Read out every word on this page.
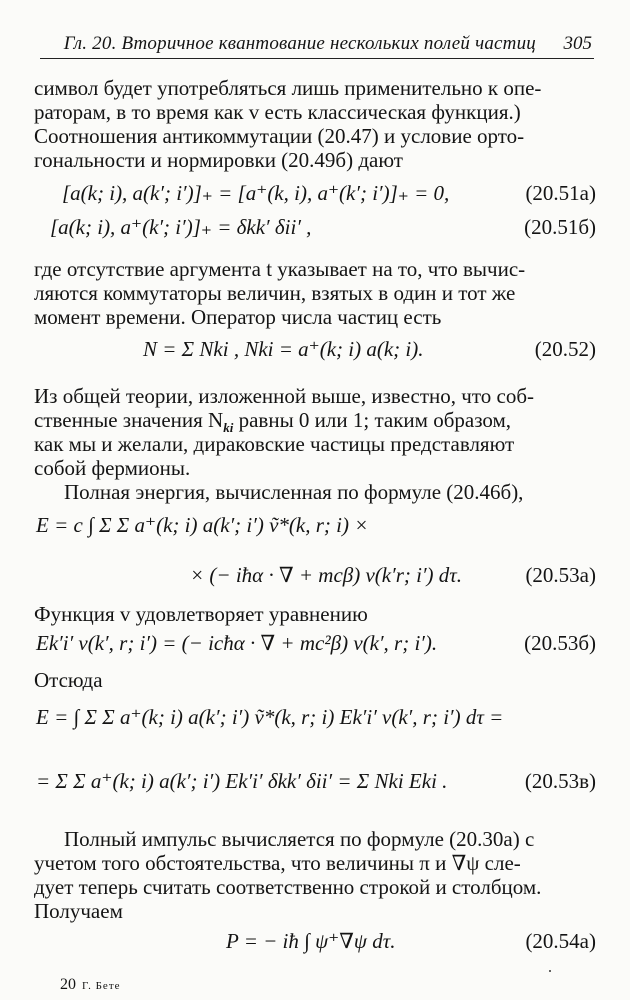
Гл. 20. Вторичное квантование нескольких полей частиц 305
символ будет употребляться лишь применительно к опе-
раторам, в то время как v есть классическая функция.)
Соотношения антикоммутации (20.47) и условие орто-
гональности и нормировки (20.49б) дают
[a(k; i), a(k′; i′)]₊ = [a⁺(k, i), a⁺(k′; i′)]₊ = 0,	(20.51а)
[a(k; i), a⁺(k′; i′)]₊ = δkk′ δii′ ,	(20.51б)
где отсутствие аргумента t указывает на то, что вычис-
ляются коммутаторы величин, взятых в один и тот же
момент времени. Оператор числа частиц есть
N = Σ Nki , Nki = a⁺(k; i) a(k; i).	(20.52)
Из общей теории, изложенной выше, известно, что соб-
ственные значения $N_{ki}$ равны 0 или 1; таким образом,
как мы и желали, дираковские частицы представляют
собой фермионы.
Полная энергия, вычисленная по формуле (20.46б),
E = c ∫ Σ Σ a⁺(k; i) a(k′; i′) ṽ*(k, r; i) ×
× (− iħα · ∇ + mcβ) v(k′r; i′) dτ.	(20.53а)
Функция v удовлетворяет уравнению
Ek′i′ v(k′, r; i′) = (− icħα · ∇ + mc²β) v(k′, r; i′).	(20.53б)
Отсюда
E = ∫ Σ Σ a⁺(k; i) a(k′; i′) ṽ*(k, r; i) Ek′i′ v(k′, r; i′) dτ =
= Σ Σ a⁺(k; i) a(k′; i′) Ek′i′ δkk′ δii′ = Σ Nki Eki .	(20.53в)
Полный импульс вычисляется по формуле (20.30а) с
учетом того обстоятельства, что величины π и ∇ψ сле-
дует теперь считать соответственно строкой и столбцом.
Получаем
P = − iħ ∫ ψ⁺∇ψ dτ.	(20.54а)
20 Г. Бете
